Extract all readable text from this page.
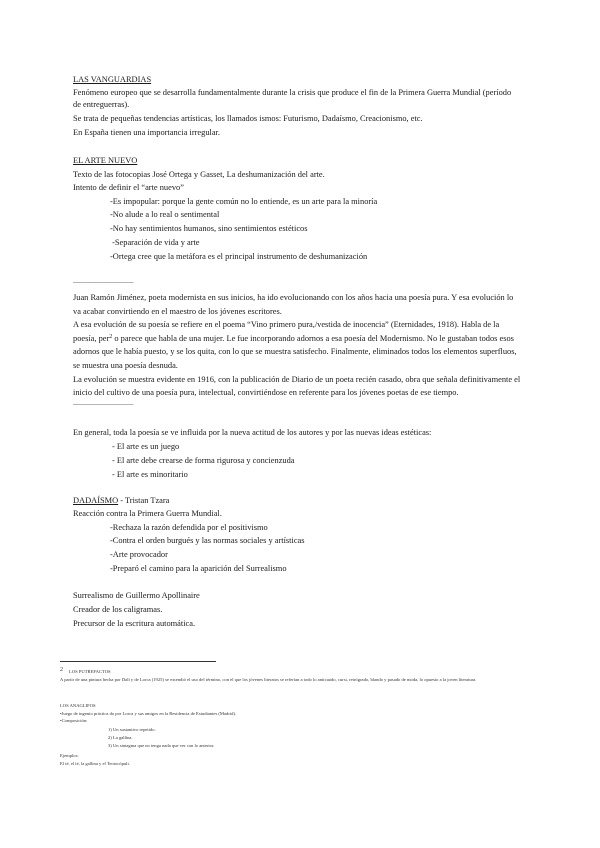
LAS VANGUARDIAS
Fenómeno europeo que se desarrolla fundamentalmente durante la crisis que produce el fin de la Primera Guerra Mundial (período
de entreguerras).
Se trata de pequeñas tendencias artísticas, los llamados ismos: Futurismo, Dadaísmo, Creacionismo, etc.
En España tienen una importancia irregular.
EL ARTE NUEVO
Texto de las fotocopias José Ortega y Gasset, La deshumanización del arte.
Intento de definir el “arte nuevo”
-Es impopular: porque la gente común no lo entiende, es un arte para la minoría
-No alude a lo real o sentimental
-No hay sentimientos humanos, sino sentimientos estéticos
-Separación de vida y arte
-Ortega cree que la metáfora es el principal instrumento de deshumanización
————————
Juan Ramón Jiménez, poeta modernista en sus inicios, ha ido evolucionando con los años hacia una poesía pura. Y esa evolución lo
va acabar convirtiendo en el maestro de los jóvenes escritores.
A esa evolución de su poesía se refiere en el poema “Vino primero pura,/vestida de inocencia” (Eternidades, 1918). Habla de la
poesía, per$^2$ o parece que habla de una mujer. Le fue incorporando adornos a esa poesía del Modernismo. No le gustaban todos esos
adornos que le había puesto, y se los quita, con lo que se muestra satisfecho. Finalmente, eliminados todos los elementos superfluos,
se muestra una poesía desnuda.
La evolución se muestra evidente en 1916, con la publicación de Diario de un poeta recién casado, obra que señala definitivamente el
inicio del cultivo de una poesía pura, intelectual, convirtiéndose en referente para los jóvenes poetas de ese tiempo.
————————
En general, toda la poesía se ve influida por la nueva actitud de los autores y por las nuevas ideas estéticas:
- El arte es un juego
- El arte debe crearse de forma rigurosa y concienzuda
- El arte es minoritario
DADAÍSMO - Tristan Tzara
Reacción contra la Primera Guerra Mundial.
-Rechaza la razón defendida por el positivismo
-Contra el orden burgués y las normas sociales y artísticas
-Arte provocador
-Preparó el camino para la aparición del Surrealismo
Surrealismo de Guillermo Apollinaire
Creador de los caligramas.
Precursor de la escritura automática.
2 LOS PUTREFACTOS
A partir de una pintura hecha por Dalí y de Lorca (1925) se extendió el uso del término, con el que los jóvenes literatos se referían a todo lo anticuado, cursi, retrógrado, blando y pasado de moda, lo opuesto a la joven literatura.
LOS ANAGLIFOS
•Juego de ingenio práctica do por Lorca y sus amigos en la Residencia de Estudiantes (Madrid).
•Composición:
1) Un sustantivo repetido.
2) La gallina.
3) Un sintagma que no tenga nada que ver con lo anterior.
Ejemplos:
El té, el té, la gallina y el Teotocópuli.
